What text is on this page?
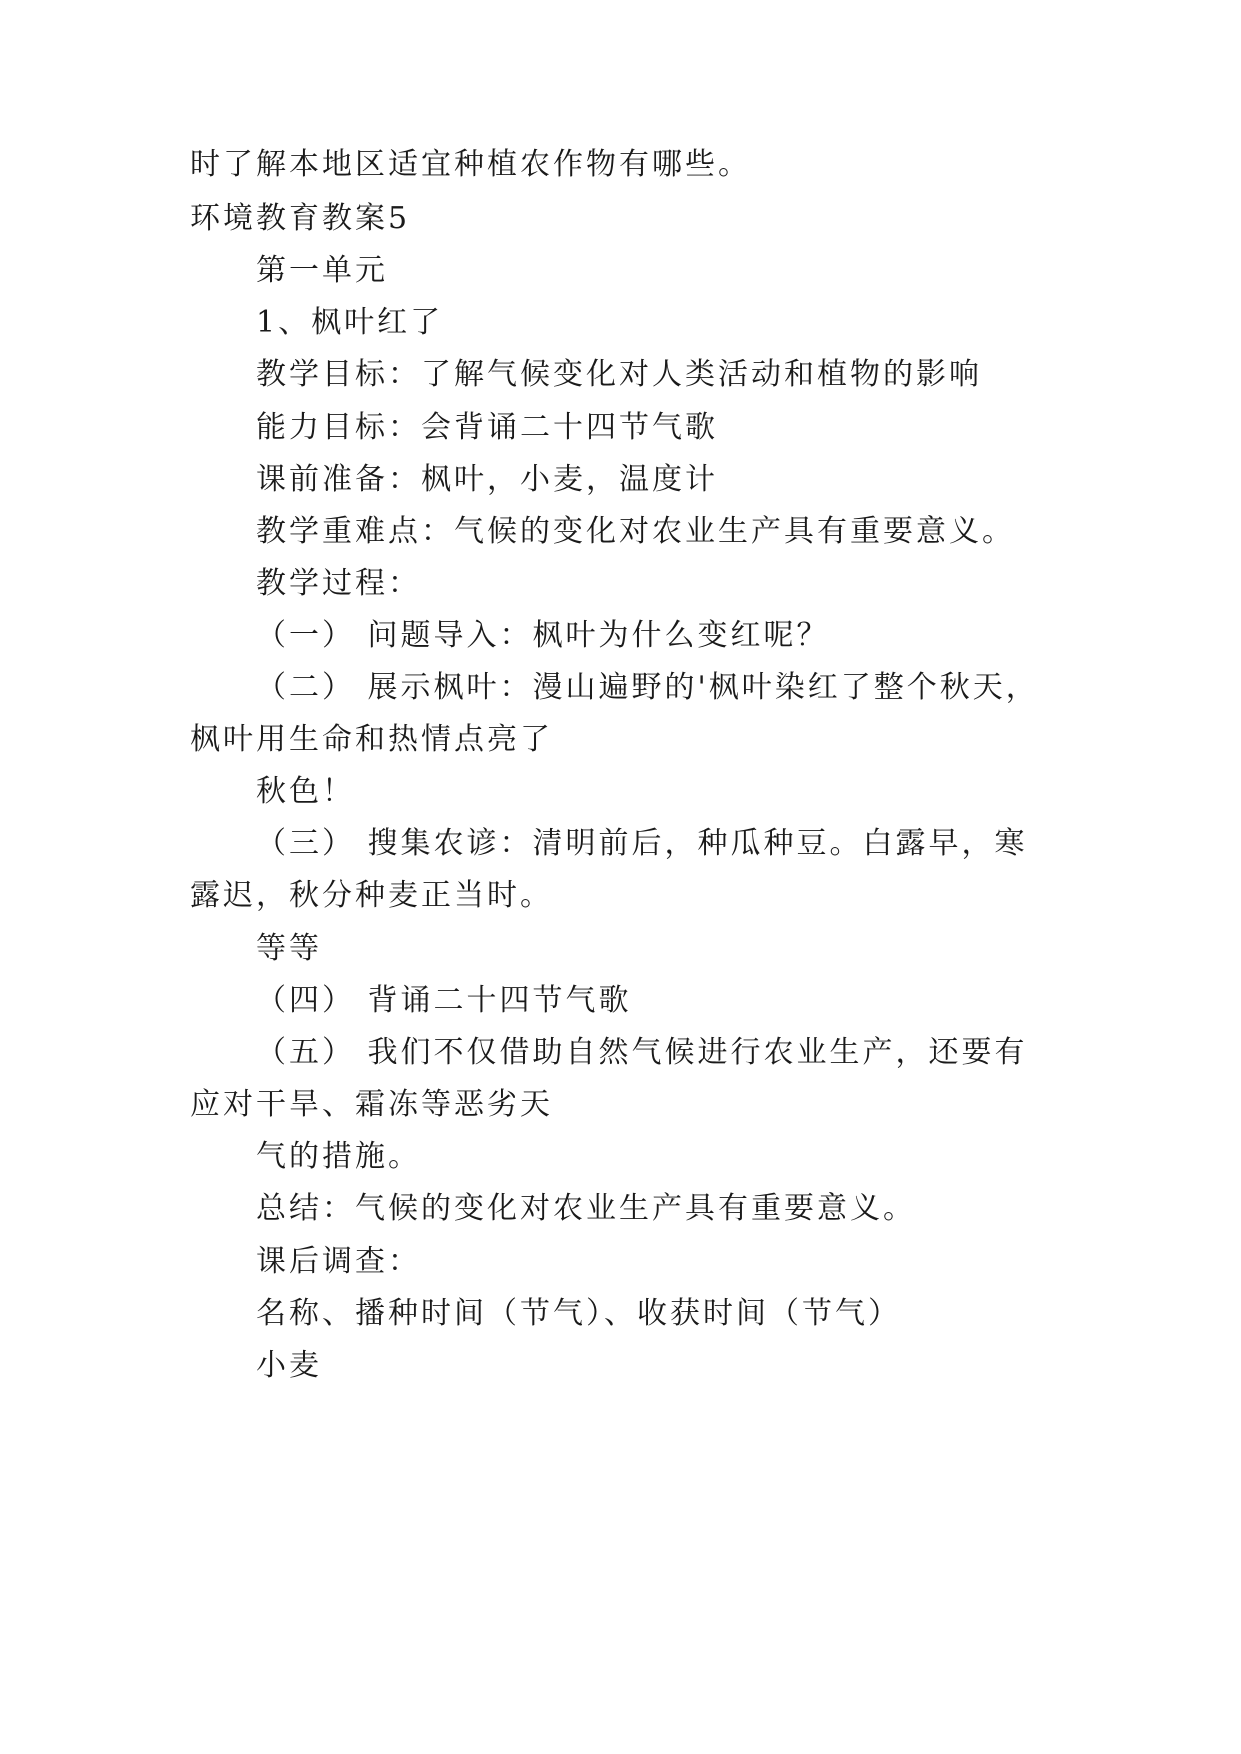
时了解本地区适宜种植农作物有哪些。

环境教育教案5

第一单元

1、枫叶红了

教学目标：了解气候变化对人类活动和植物的影响

能力目标：会背诵二十四节气歌

课前准备：枫叶，小麦，温度计

教学重难点：气候的变化对农业生产具有重要意义。

教学过程：

（一） 问题导入：枫叶为什么变红呢？

（二） 展示枫叶：漫山遍野的'枫叶染红了整个秋天，

枫叶用生命和热情点亮了

秋色！

（三） 搜集农谚：清明前后，种瓜种豆。白露早，寒

露迟，秋分种麦正当时。

等等

（四） 背诵二十四节气歌

（五） 我们不仅借助自然气候进行农业生产，还要有

应对干旱、霜冻等恶劣天

气的措施。

总结：气候的变化对农业生产具有重要意义。

课后调查：

名称、播种时间（节气）、收获时间（节气）

小麦
